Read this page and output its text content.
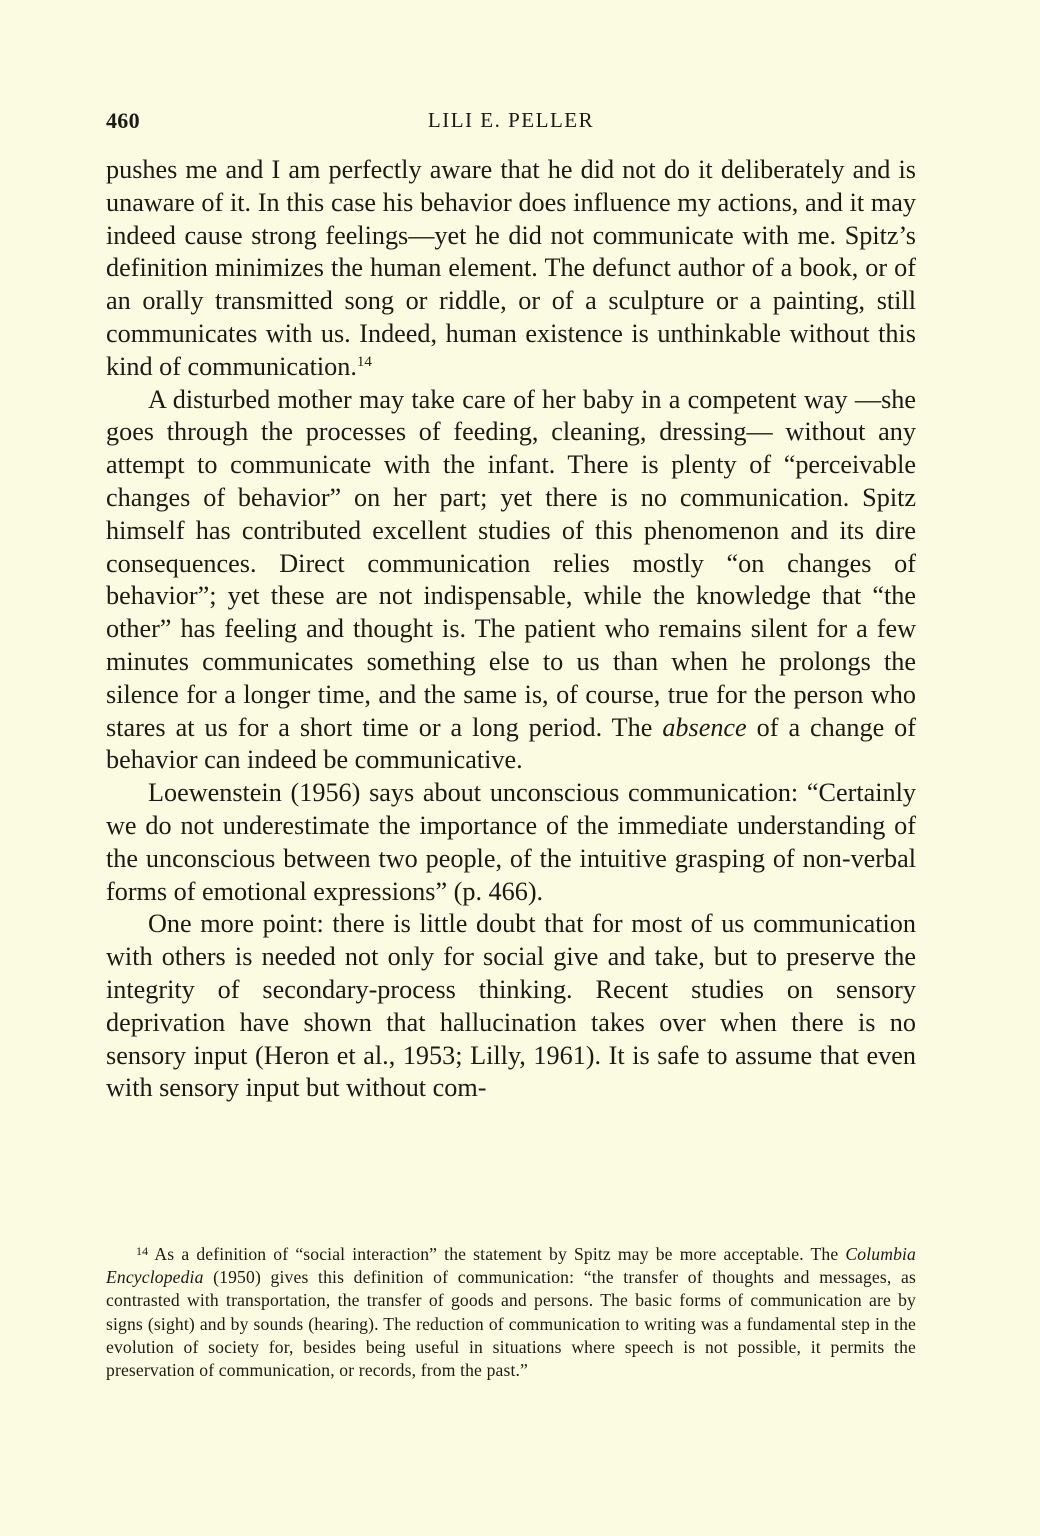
460	LILI E. PELLER

pushes me and I am perfectly aware that he did not do it deliberately and is unaware of it. In this case his behavior does influence my actions, and it may indeed cause strong feelings—yet he did not communicate with me. Spitz’s definition minimizes the human element. The defunct author of a book, or of an orally transmitted song or riddle, or of a sculpture or a painting, still communicates with us. Indeed, human existence is unthinkable without this kind of communication.$^{14}$

A disturbed mother may take care of her baby in a competent way —she goes through the processes of feeding, cleaning, dressing— without any attempt to communicate with the infant. There is plenty of “perceivable changes of behavior” on her part; yet there is no communication. Spitz himself has contributed excellent studies of this phenomenon and its dire consequences. Direct communication relies mostly “on changes of behavior”; yet these are not indispensable, while the knowledge that “the other” has feeling and thought is. The patient who remains silent for a few minutes communicates something else to us than when he prolongs the silence for a longer time, and the same is, of course, true for the person who stares at us for a short time or a long period. The absence of a change of behavior can indeed be communicative.

Loewenstein (1956) says about unconscious communication: “Certainly we do not underestimate the importance of the immediate understanding of the unconscious between two people, of the intuitive grasping of non-verbal forms of emotional expressions” (p. 466).

One more point: there is little doubt that for most of us communication with others is needed not only for social give and take, but to preserve the integrity of secondary-process thinking. Recent studies on sensory deprivation have shown that hallucination takes over when there is no sensory input (Heron et al., 1953; Lilly, 1961). It is safe to assume that even with sensory input but without com-

$^{14}$ As a definition of “social interaction” the statement by Spitz may be more acceptable. The Columbia Encyclopedia (1950) gives this definition of communication: “the transfer of thoughts and messages, as contrasted with transportation, the transfer of goods and persons. The basic forms of communication are by signs (sight) and by sounds (hearing). The reduction of communication to writing was a fundamental step in the evolution of society for, besides being useful in situations where speech is not possible, it permits the preservation of communication, or records, from the past.”
